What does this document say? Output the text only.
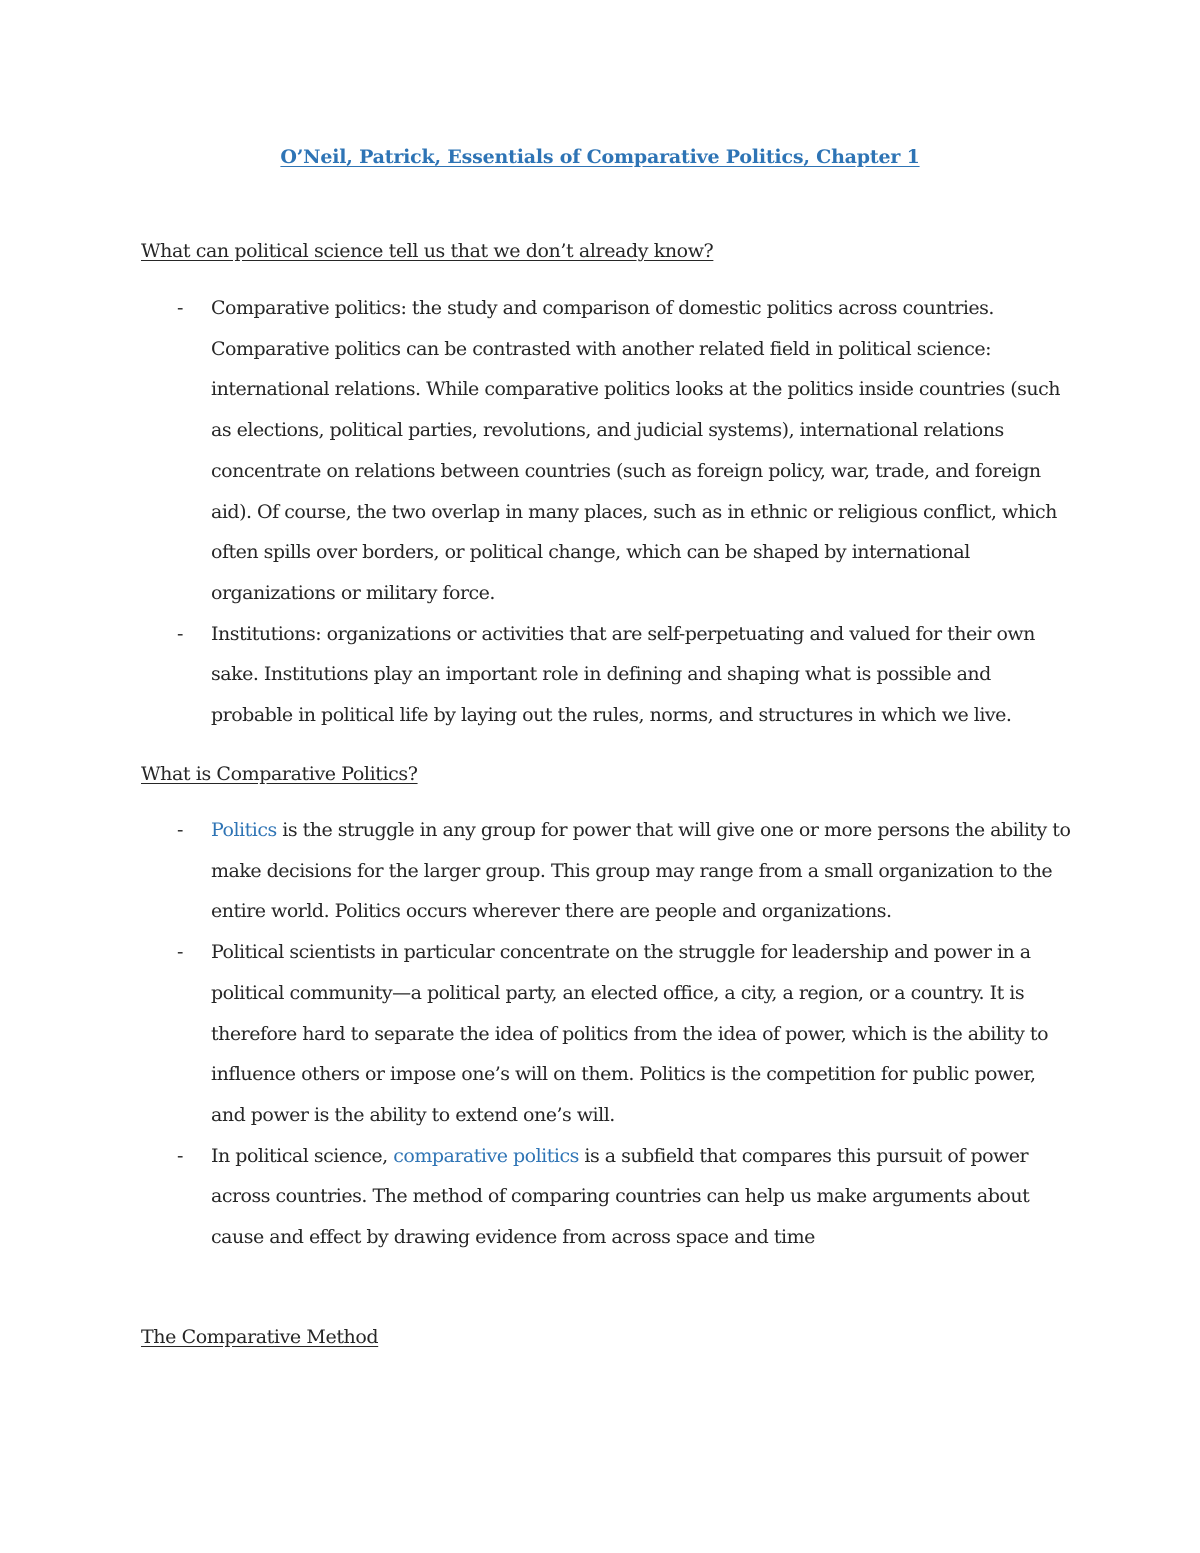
O’Neil, Patrick, Essentials of Comparative Politics, Chapter 1
What can political science tell us that we don’t already know?
- Comparative politics: the study and comparison of domestic politics across countries. Comparative politics can be contrasted with another related field in political science: international relations. While comparative politics looks at the politics inside countries (such as elections, political parties, revolutions, and judicial systems), international relations concentrate on relations between countries (such as foreign policy, war, trade, and foreign aid). Of course, the two overlap in many places, such as in ethnic or religious conflict, which often spills over borders, or political change, which can be shaped by international organizations or military force.
- Institutions: organizations or activities that are self-perpetuating and valued for their own sake. Institutions play an important role in defining and shaping what is possible and probable in political life by laying out the rules, norms, and structures in which we live.
What is Comparative Politics?
- Politics is the struggle in any group for power that will give one or more persons the ability to make decisions for the larger group. This group may range from a small organization to the entire world. Politics occurs wherever there are people and organizations.
- Political scientists in particular concentrate on the struggle for leadership and power in a political community—a political party, an elected office, a city, a region, or a country. It is therefore hard to separate the idea of politics from the idea of power, which is the ability to influence others or impose one’s will on them. Politics is the competition for public power, and power is the ability to extend one’s will.
- In political science, comparative politics is a subfield that compares this pursuit of power across countries. The method of comparing countries can help us make arguments about cause and effect by drawing evidence from across space and time
The Comparative Method
